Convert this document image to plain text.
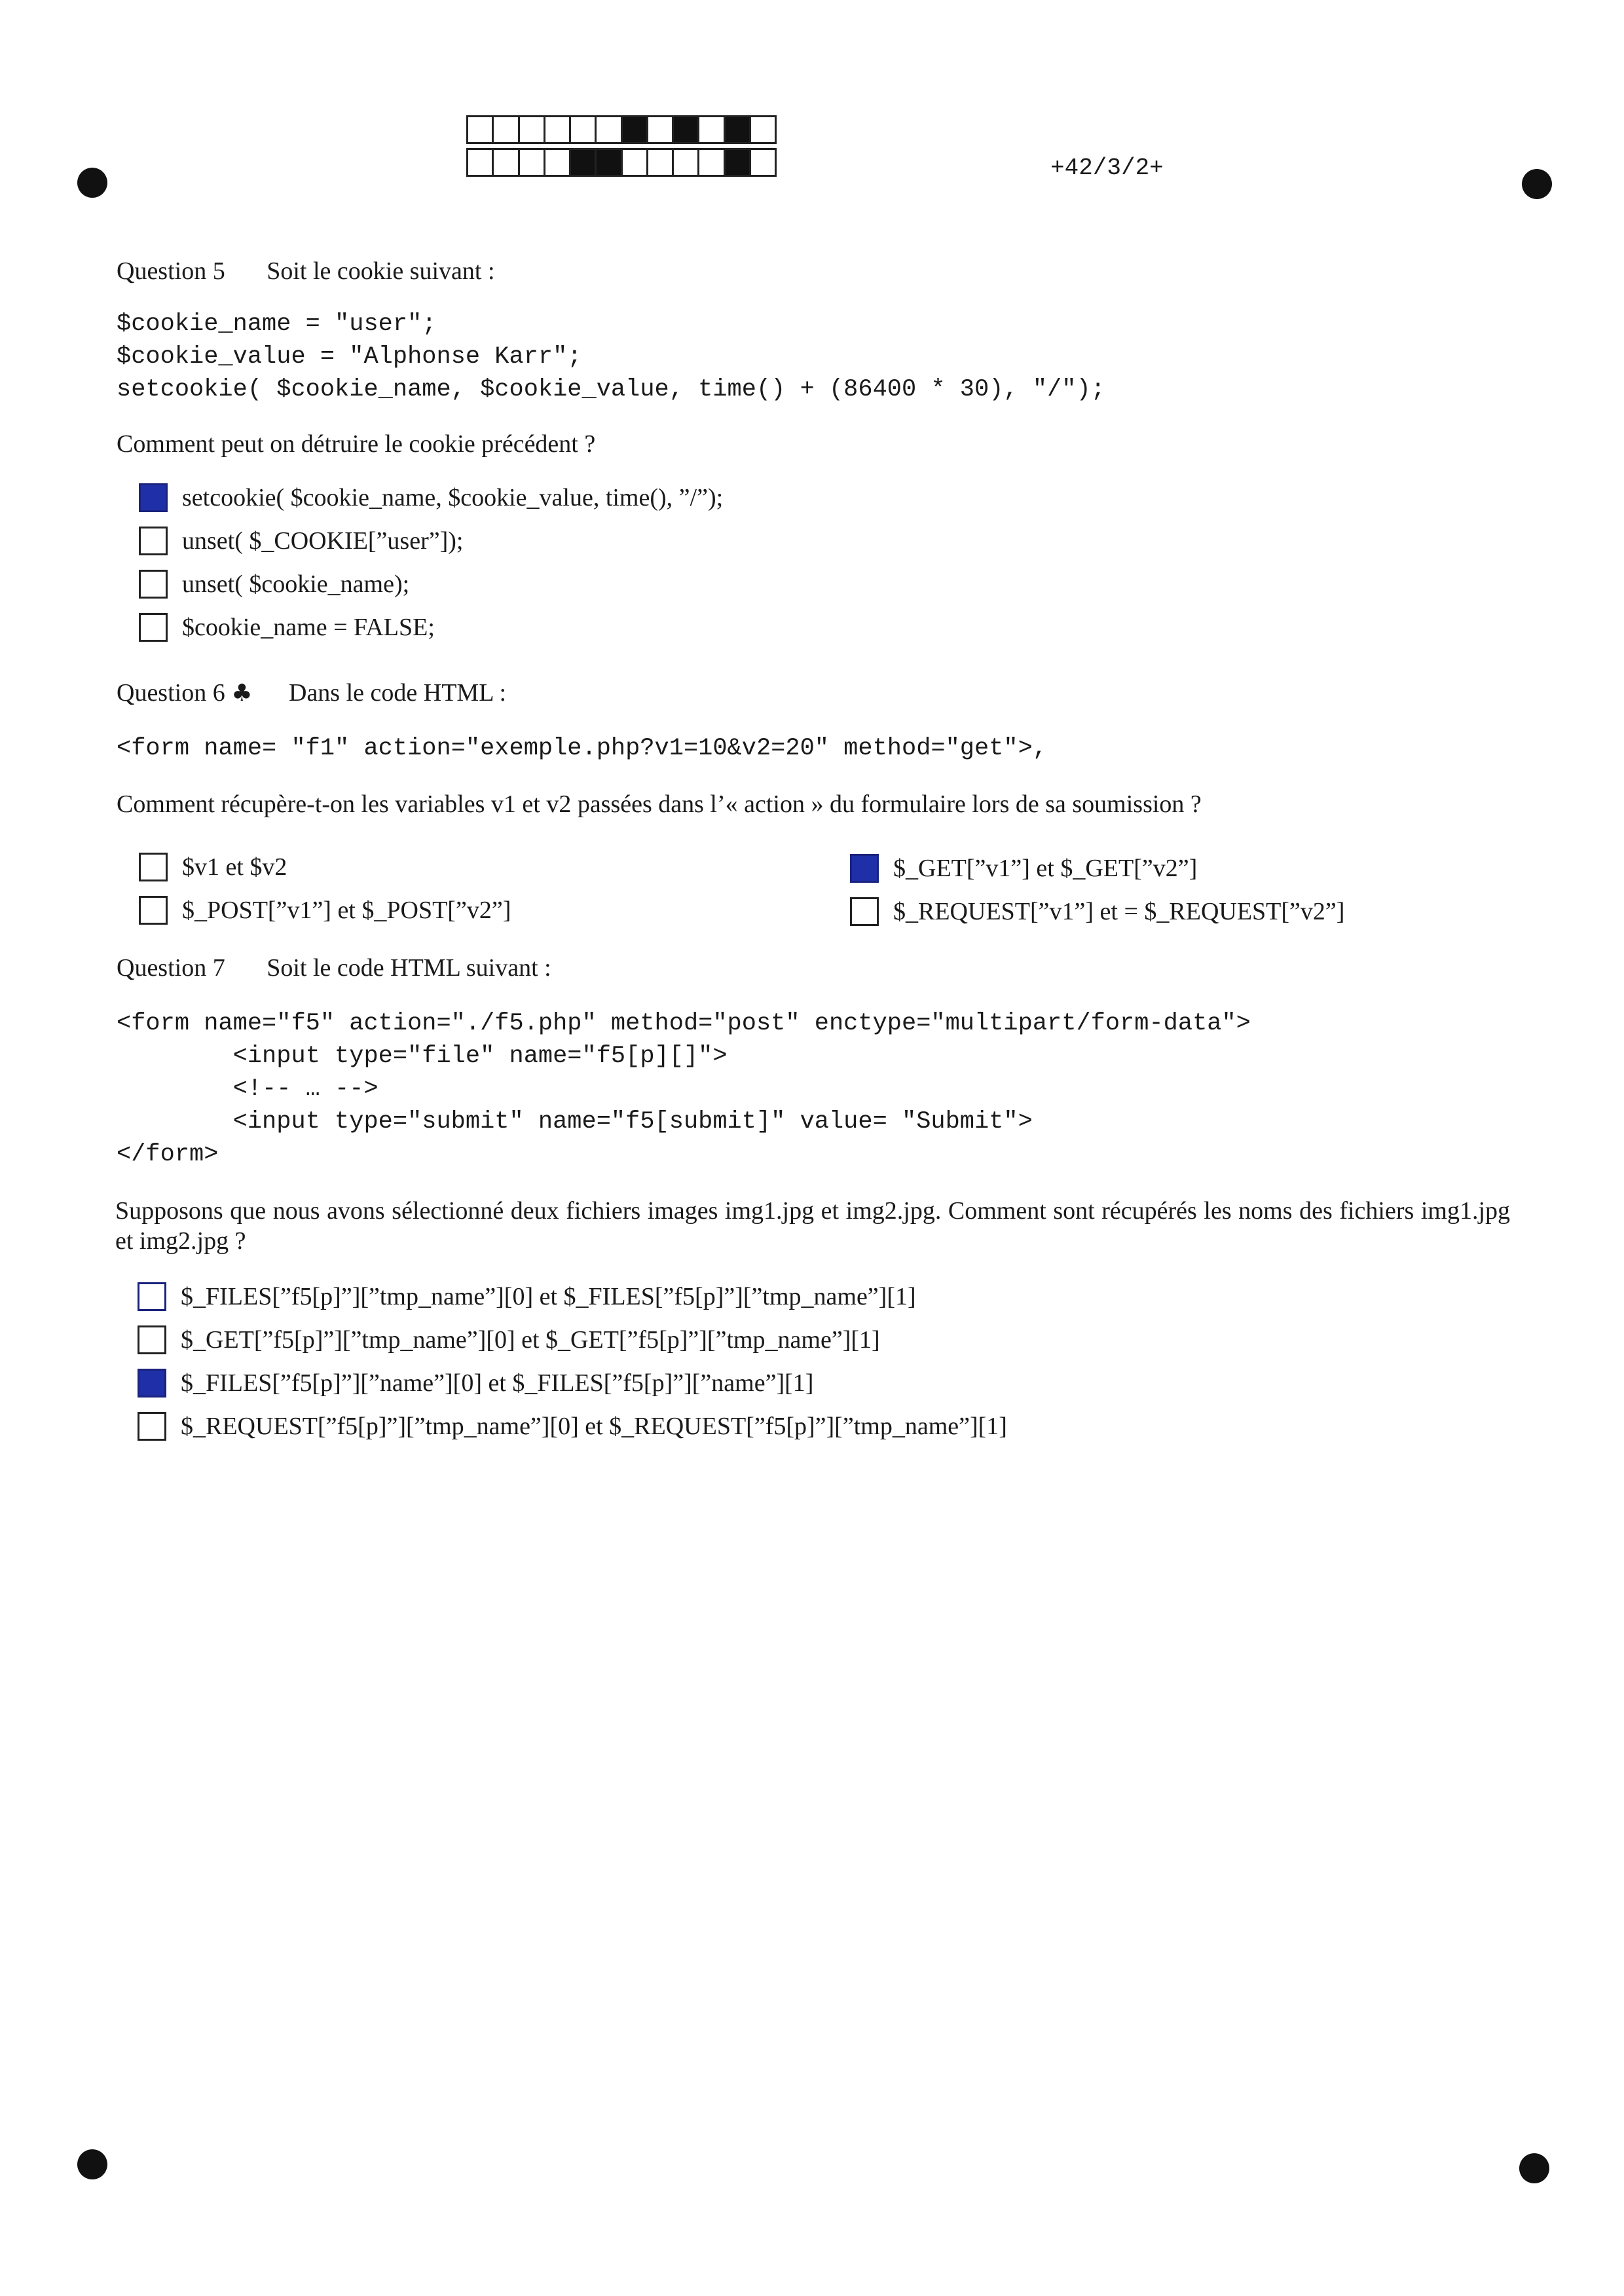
+42/3/2+
Question 5 Soit le cookie suivant :
$cookie_name = "user";
$cookie_value = "Alphonse Karr";
setcookie( $cookie_name, $cookie_value, time() + (86400 * 30), "/");
Comment peut on détruire le cookie précédent ?
setcookie( $cookie_name, $cookie_value, time(), ”/”);
unset( $_COOKIE[”user”]);
unset( $cookie_name);
$cookie_name = FALSE;
Question 6 ♣ Dans le code HTML :
<form name= "f1" action="exemple.php?v1=10&v2=20" method="get">,
Comment récupère-t-on les variables v1 et v2 passées dans l’« action » du formulaire lors de sa soumission ?
$v1 et $v2	$_GET[”v1”] et $_GET[”v2”]
$_POST[”v1”] et $_POST[”v2”]	$_REQUEST[”v1”] et = $_REQUEST[”v2”]
Question 7 Soit le code HTML suivant :
<form name="f5" action="./f5.php" method="post" enctype="multipart/form-data">
<input type="file" name="f5[p][]">
<!-- … -->
<input type="submit" name="f5[submit]" value= "Submit">
</form>
Supposons que nous avons sélectionné deux fichiers images img1.jpg et img2.jpg. Comment sont récupérés les noms des fichiers img1.jpg et img2.jpg ?
$_FILES[”f5[p]”][”tmp_name”][0] et $_FILES[”f5[p]”][”tmp_name”][1]
$_GET[”f5[p]”][”tmp_name”][0] et $_GET[”f5[p]”][”tmp_name”][1]
$_FILES[”f5[p]”][”name”][0] et $_FILES[”f5[p]”][”name”][1]
$_REQUEST[”f5[p]”][”tmp_name”][0] et $_REQUEST[”f5[p]”][”tmp_name”][1]
